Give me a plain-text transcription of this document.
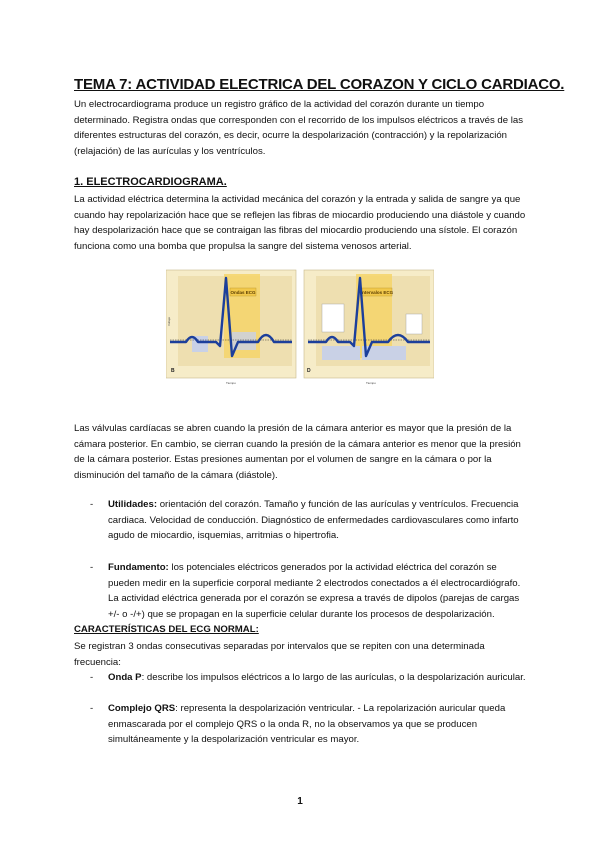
TEMA 7: ACTIVIDAD ELECTRICA DEL CORAZON Y CICLO CARDIACO.
Un electrocardiograma produce un registro gráfico de la actividad del corazón durante un tiempo determinado. Registra ondas que corresponden con el recorrido de los impulsos eléctricos a través de las diferentes estructuras del corazón, es decir, ocurre la despolarización (contracción) y la repolarización (relajación) de las aurículas y los ventrículos.
1. ELECTROCARDIOGRAMA.
La actividad eléctrica determina la actividad mecánica del corazón y la entrada y salida de sangre ya que cuando hay repolarización hace que se reflejen las fibras de miocardio produciendo una diástole y cuando hay despolarización hace que se contraigan las fibras del miocardio produciendo una sístole. El corazón funciona como una bomba que propulsa la sangre del sistema venosos arterial.
Ondas ECG
B
Voltaje
Intervalos ECG
D
Tiempo
Tiempo
Las válvulas cardíacas se abren cuando la presión de la cámara anterior es mayor que la presión de la cámara posterior. En cambio, se cierran cuando la presión de la cámara anterior es menor que la presión de la cámara posterior. Estas presiones aumentan por el volumen de sangre en la cámara o por la disminución del tamaño de la cámara (diástole).
- Utilidades: orientación del corazón. Tamaño y función de las aurículas y ventrículos. Frecuencia cardiaca. Velocidad de conducción. Diagnóstico de enfermedades cardiovasculares como infarto agudo de miocardio, isquemias, arritmias o hipertrofia.
- Fundamento: los potenciales eléctricos generados por la actividad eléctrica del corazón se pueden medir en la superficie corporal mediante 2 electrodos conectados a él electrocardiógrafo. La actividad eléctrica generada por el corazón se expresa a través de dipolos (parejas de cargas +/- o -/+) que se propagan en la superficie celular durante los procesos de despolarización.
CARACTERÍSTICAS DEL ECG NORMAL:
Se registran 3 ondas consecutivas separadas por intervalos que se repiten con una determinada frecuencia:
- Onda P: describe los impulsos eléctricos a lo largo de las aurículas, o la despolarización auricular.
- Complejo QRS: representa la despolarización ventricular. - La repolarización auricular queda enmascarada por el complejo QRS o la onda R, no la observamos ya que se producen simultáneamente y la despolarización ventricular es mayor.
1
